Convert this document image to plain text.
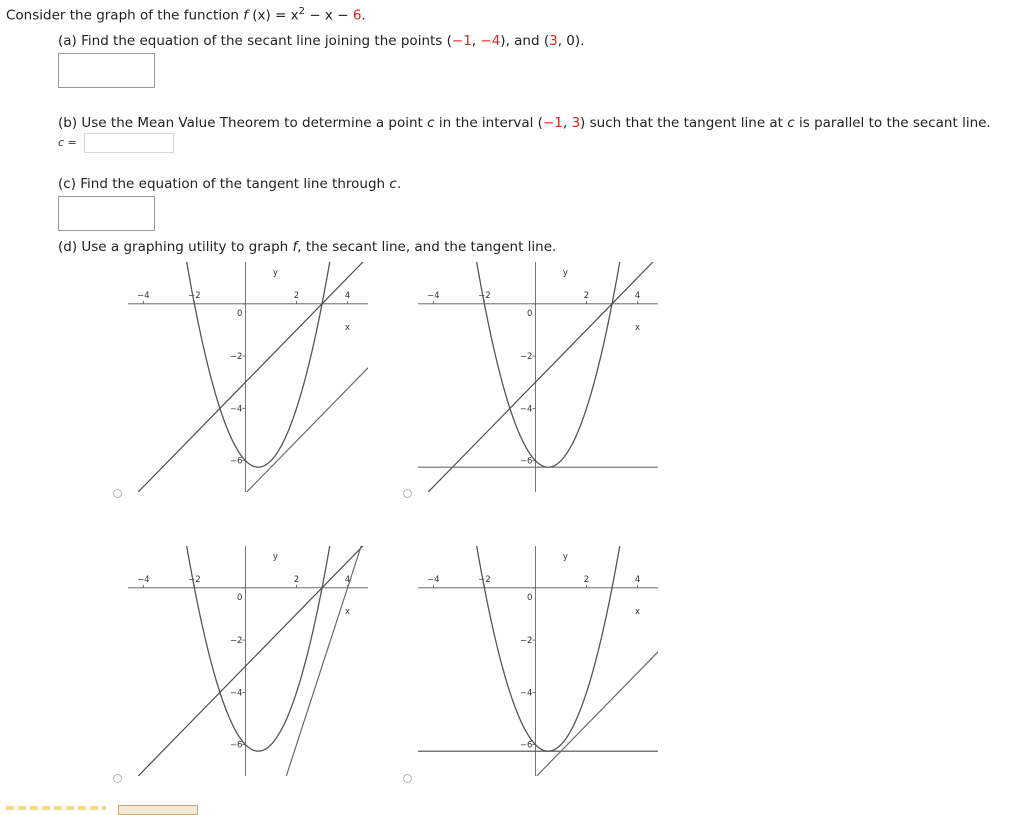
Consider the graph of the function f $(x) = x^2 - x - 6$.
(a) Find the equation of the secant line joining the points (−1, −4), and (3, 0).
(b) Use the Mean Value Theorem to determine a point c in the interval (−1, 3) such that the tangent line at c is parallel to the secant line.
c =
(c) Find the equation of the tangent line through c.
(d) Use a graphing utility to graph f, the secant line, and the tangent line.
−4	−2	2	4
0
−2
−4
−6
x
y
−4	−2	2	4
0
−2
−4
−6
x
y
−4	−2	2	4
0
−2
−4
−6
x
y
−4	−2	2	4
0
−2
−4
−6
x
y
